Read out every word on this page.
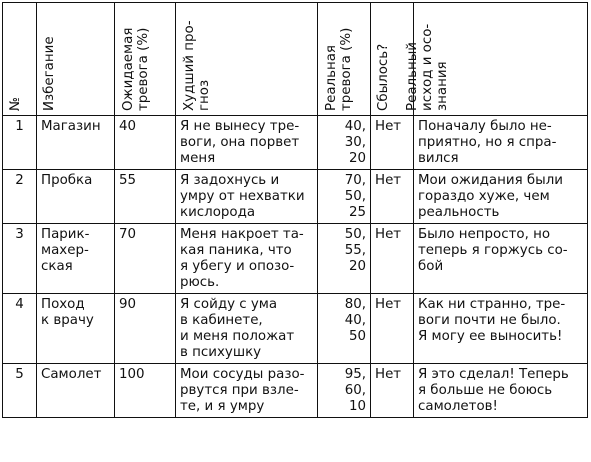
№	Избегание	Ожидаемая тревога (%)	Худший прогноз	Реальная тревога (%)	Сбылось?	Реальный исход и осознания

1	Магазин	40	Я не вынесу тре-
воги, она порвет
меня	40,
30,
20	Нет	Поначалу было не-
приятно, но я спра-
вился
2	Пробка	55	Я задохнусь и
умру от нехватки
кислорода	70,
50,
25	Нет	Мои ожидания были
гораздо хуже, чем
реальность
3	Парик-
махер-
ская	70	Меня накроет та-
кая паника, что
я убегу и опозо-
рюсь.	50,
55,
20	Нет	Было непросто, но
теперь я горжусь со-
бой
4	Поход
к врачу	90	Я сойду с ума
в кабинете,
и меня положат
в психушку	80,
40,
50	Нет	Как ни странно, тре-
воги почти не было.
Я могу ее выносить!
5	Самолет	100	Мои сосуды разо-
рвутся при взле-
те, и я умру	95,
60,
10	Нет	Я это сделал! Теперь
я больше не боюсь
самолетов!
